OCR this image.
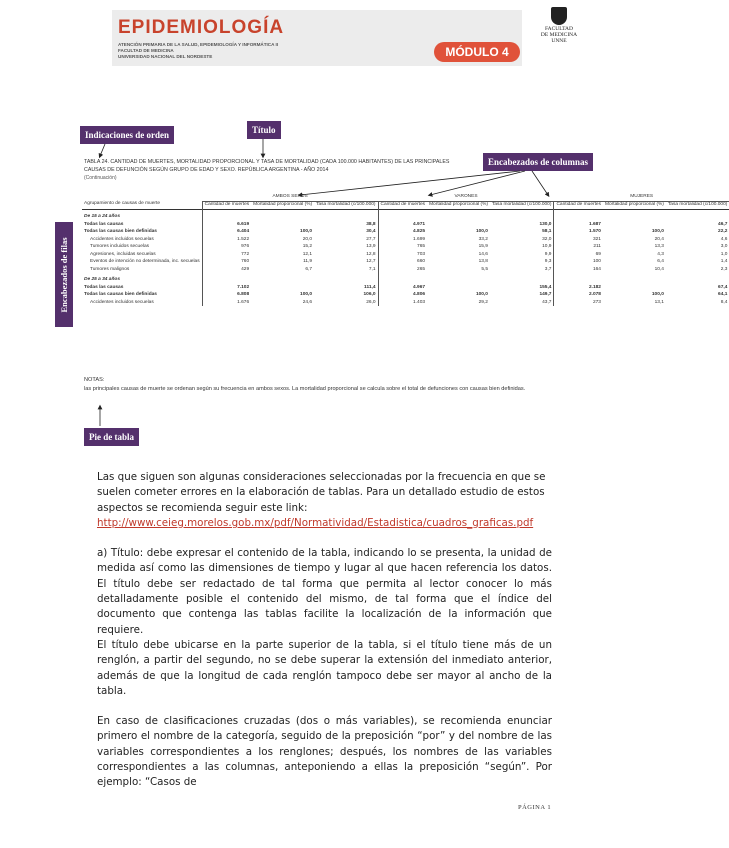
EPIDEMIOLOGÍA
ATENCIÓN PRIMARIA DE LA SALUD, EPIDEMIOLOGÍA Y INFORMÁTICA II
FACULTAD DE MEDICINA
UNIVERSIDAD NACIONAL DEL NORDESTE	MÓDULO 4
FACULTAD
DE MEDICINA
UNNE
Indicaciones de orden	Título
Encabezados de columnas
Encabezados de filas
Pie de tabla
TABLA 24. CANTIDAD DE MUERTES, MORTALIDAD PROPORCIONAL Y TASA DE MORTALIDAD (CADA 100.000 HABITANTES) DE LAS PRINCIPALES CAUSAS DE DEFUNCIÓN SEGÚN GRUPO DE EDAD Y SEXO. REPÚBLICA ARGENTINA - AÑO 2014
(Continuación)
	AMBOS SEXOS			VARONES			MUJERES		
Agrupamiento de causas de muerte	Cantidad de muertes	Mortalidad proporcional (%)	Tasa mortalidad (c/100.000)	Cantidad de muertes	Mortalidad proporcional (%)	Tasa mortalidad (c/100.000)	Cantidad de muertes	Mortalidad proporcional (%)	Tasa mortalidad (c/100.000)
De 15 a 24 años									
Todas las causas	6.619		38,8	4.971		130,0	1.687		46,7
Todas las causas bien definidas	6.404	100,0	30,4	4.825	100,0	58,1	1.570	100,0	22,2
Accidentes incluidos secuelas	1.522	20,0	27,7	1.699	33,2	32,0	321	20,4	4,6
Tumores incluidos secuelas	976	15,2	13,9	765	15,9	10,9	211	13,3	3,0
Agresiones, incluidas secuelas	772	12,1	12,8	703	14,6	9,9	69	4,3	1,0
Eventos de intención no determinada, inc. secuelas	760	11,9	12,7	660	13,8	9,3	100	6,4	1,4
Tumores malignos	429	6,7	7,1	265	5,5	3,7	164	10,4	2,3
De 25 a 34 años									
Todas las causas	7.102		111,4	4.967		155,4	2.182		67,4
Todas las causas bien definidas	6.808	100,0	106,0	4.806	100,0	149,7	2.078	100,0	64,1
Accidentes incluidos secuelas	1.676	24,6	26,0	1.403	29,2	43,7	273	13,1	8,4
NOTAS:
las principales causas de muerte se ordenan según su frecuencia en ambos sexos. La mortalidad proporcional se calcula sobre el total de defunciones con causas bien definidas.

Las que siguen son algunas consideraciones seleccionadas por la frecuencia en que se suelen cometer errores en la elaboración de tablas. Para un detallado estudio de estos aspectos se recomienda seguir este link:

http://www.ceieg.morelos.gob.mx/pdf/Normatividad/Estadistica/cuadros_graficas.pdf

a) Título: debe expresar el contenido de la tabla, indicando lo se presenta, la unidad de medida así como las dimensiones de tiempo y lugar al que hacen referencia los datos. El título debe ser redactado de tal forma que permita al lector conocer lo más detalladamente posible el contenido del mismo, de tal forma que el índice del documento que contenga las tablas facilite la localización de la información que requiere.

El título debe ubicarse en la parte superior de la tabla, si el título tiene más de un renglón, a partir del segundo, no se debe superar la extensión del inmediato anterior, además de que la longitud de cada renglón tampoco debe ser mayor al ancho de la tabla.

En caso de clasificaciones cruzadas (dos o más variables), se recomienda enunciar primero el nombre de la categoría, seguido de la preposición “por” y del nombre de las variables correspondientes a los renglones; después, los nombres de las variables correspondientes a las columnas, anteponiendo a ellas la preposición “según”. Por ejemplo: “Casos de

PÁGINA 1
